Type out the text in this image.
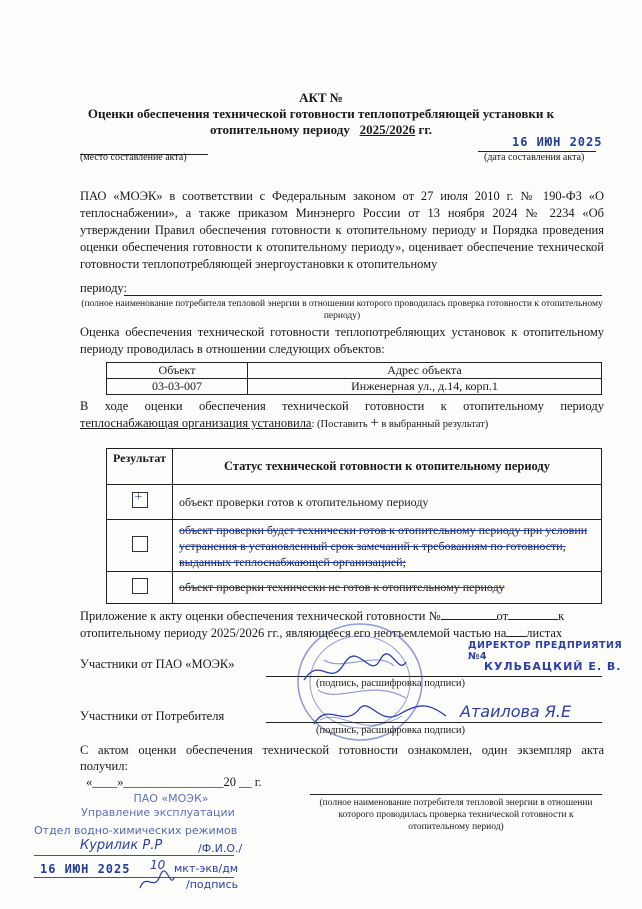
АКТ №
Оценки обеспечения технической готовности теплопотребляющей установки к
отопительному периоду 2025/2026 гг.
(место составление акта)
16 ИЮН 2025
(дата составления акта)
ПАО «МОЭК» в соответствии с Федеральным законом от 27 июля 2010 г. № 190-ФЗ «О теплоснабжении», а также приказом Минэнерго России от 13 ноября 2024 № 2234 «Об утверждении Правил обеспечения готовности к отопительному периоду и Порядка проведения оценки обеспечения готовности к отопительному периоду», оценивает обеспечение технической готовности теплопотребляющей энергоустановки к отопительному
периоду:
(полное наименование потребителя тепловой энергии в отношении которого проводилась проверка готовности к отопительному периоду)
Оценка обеспечения технической готовности теплопотребляющих установок к отопительному периоду проводилась в отношении следующих объектов:
Объект	Адрес объекта
03-03-007	Инженерная ул., д.14, корп.1
В ходе оценки обеспечения технической готовности к отопительному периоду
теплоснабжающая организация установила: (Поставить + в выбранный результат)
Результат	Статус технической готовности к отопительному периоду

+	объект проверки готов к отопительному периоду
	объект проверки будет технически готов к отопительному периоду при условии устранения в установленный срок замечаний к требованиям по готовности, выданных теплоснабжающей организацией;
	объект проверки технически не готов к отопительному периоду
Приложение к акту оценки обеспечения технической готовности №	от	к
отопительному периоду 2025/2026 гг., являющееся его неотъемлемой частью на листах
Участники от ПАО «МОЭК»
(подпись, расшифровка подписи)
ДИРЕКТОР ПРЕДПРИЯТИЯ №4
КУЛЬБАЦКИЙ Е. В.
Участники от Потребителя
(подпись, расшифровка подписи)
Атаилова Я.Е
С актом оценки обеспечения технической готовности ознакомлен, один экземпляр акта
получил:
«____»________________20 __ г.
(полное наименование потребителя тепловой энергии в отношении которого проводилась проверка технической готовности к отопительному период)
ПАО «МОЭК»
Управление эксплуатации
Отдел водно-химических режимов
Курилик Р.Р	/Ф.И.О./
16 ИЮН 2025 10 мкт-экв/дм
/подпись
